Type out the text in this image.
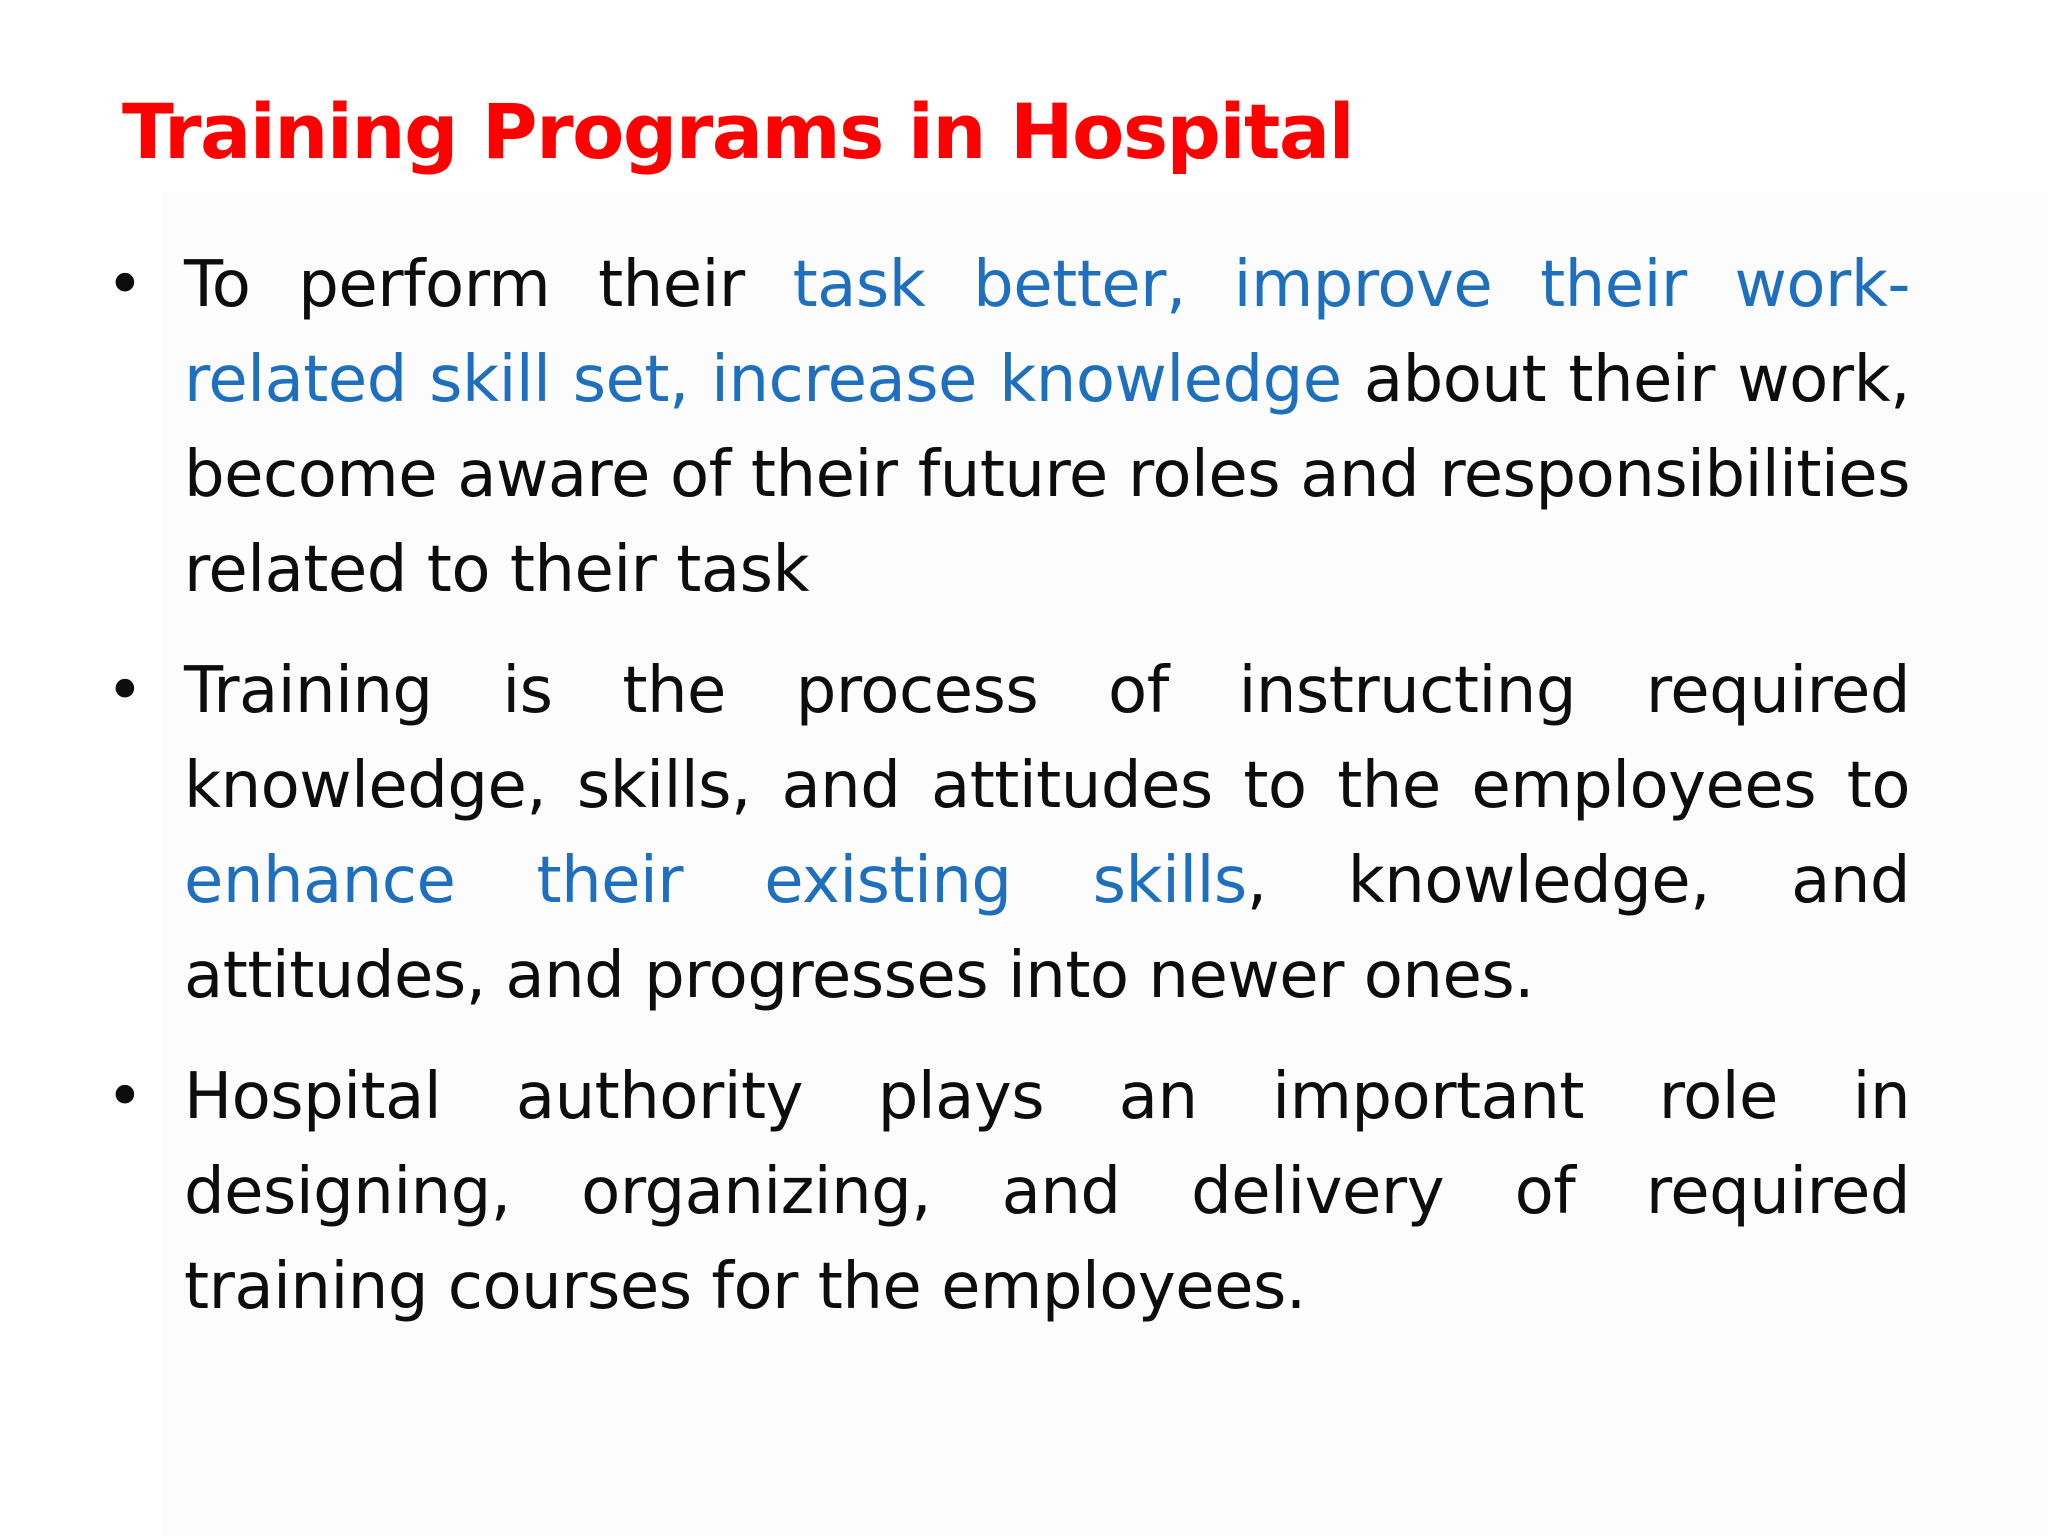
Training Programs in Hospital
• To perform their task better, improve their work-related skill set, increase knowledge about their work, become aware of their future roles and responsibilities related to their task
• Training is the process of instructing required knowledge, skills, and attitudes to the employees to enhance their existing skills, knowledge, and attitudes, and progresses into newer ones.
• Hospital authority plays an important role in designing, organizing, and delivery of required training courses for the employees.
